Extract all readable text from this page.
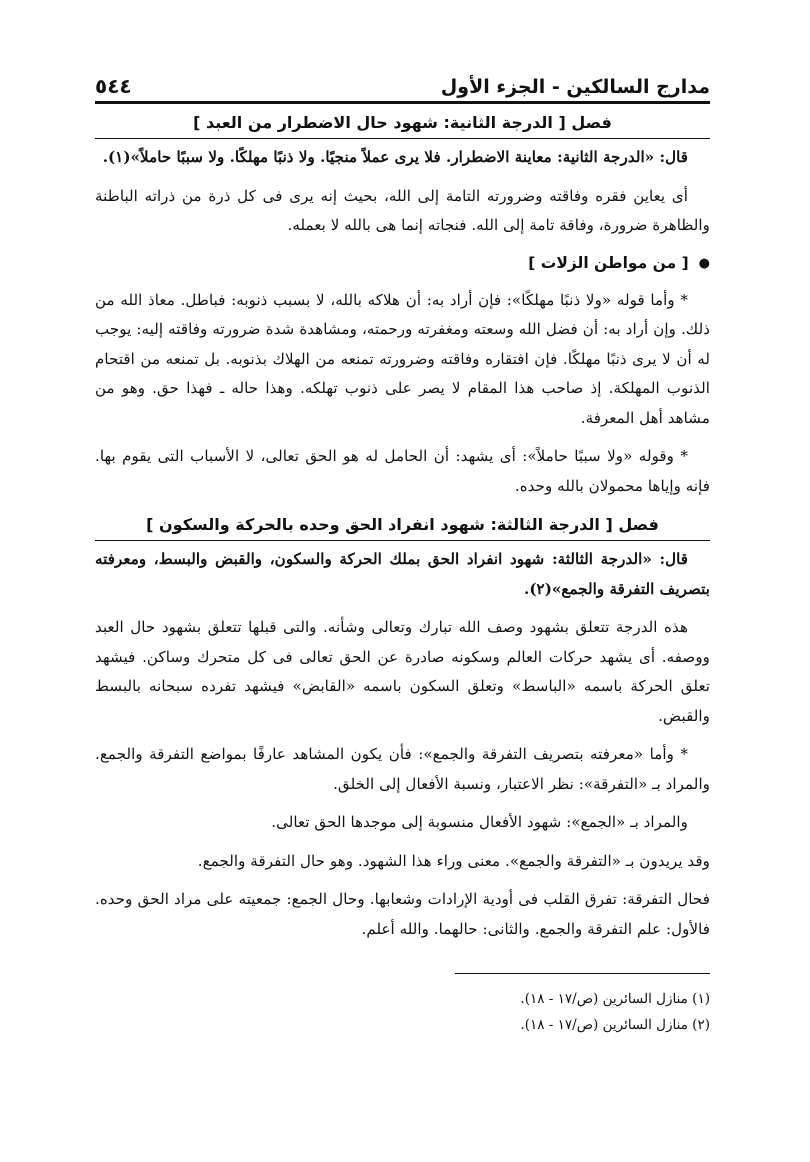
مدارج السالكين - الجزء الأول
٥٤٤
فصل [ الدرجة الثانية: شهود حال الاضطرار من العبد ]

قال: «الدرجة الثانية: معاينة الاضطرار. فلا يرى عملاً منجيًا. ولا ذنبًا مهلكًا. ولا سببًا حاملاً»(١).

أى يعاين فقره وفاقته وضرورته التامة إلى الله، بحيث إنه يرى فى كل ذرة من ذراته الباطنة والظاهرة ضرورة، وفاقة تامة إلى الله. فنجاته إنما هى بالله لا بعمله.

●
[ من مواطن الزلات ]

* وأما قوله «ولا ذنبًا مهلكًا»: فإن أراد به: أن هلاكه بالله، لا بسبب ذنوبه: فباطل. معاذ الله من ذلك. وإن أراد به: أن فضل الله وسعته ومغفرته ورحمته، ومشاهدة شدة ضرورته وفاقته إليه: يوجب له أن لا يرى ذنبًا مهلكًا. فإن افتقاره وفاقته وضرورته تمنعه من الهلاك بذنوبه. بل تمنعه من اقتحام الذنوب المهلكة. إذ صاحب هذا المقام لا يصر على ذنوب تهلكه. وهذا حاله ـ فهذا حق. وهو من مشاهد أهل المعرفة.

* وقوله «ولا سببًا حاملاً»: أى يشهد: أن الحامل له هو الحق تعالى، لا الأسباب التى يقوم بها. فإنه وإياها محمولان بالله وحده.

فصل [ الدرجة الثالثة: شهود انفراد الحق وحده بالحركة والسكون ]

قال: «الدرجة الثالثة: شهود انفراد الحق بملك الحركة والسكون، والقبض والبسط، ومعرفته بتصريف التفرقة والجمع»(٢).

هذه الدرجة تتعلق بشهود وصف الله تبارك وتعالى وشأنه. والتى قبلها تتعلق بشهود حال العبد ووصفه. أى يشهد حركات العالم وسكونه صادرة عن الحق تعالى فى كل متحرك وساكن. فيشهد تعلق الحركة باسمه «الباسط» وتعلق السكون باسمه «القابض» فيشهد تفرده سبحانه بالبسط والقبض.

* وأما «معرفته بتصريف التفرقة والجمع»: فأن يكون المشاهد عارفًا بمواضع التفرقة والجمع. والمراد بـ «التفرقة»: نظر الاعتبار، ونسبة الأفعال إلى الخلق.

والمراد بـ «الجمع»: شهود الأفعال منسوبة إلى موجدها الحق تعالى.

وقد يريدون بـ «التفرقة والجمع». معنى وراء هذا الشهود. وهو حال التفرقة والجمع.

فحال التفرقة: تفرق القلب فى أودية الإرادات وشعابها. وحال الجمع: جمعيته على مراد الحق وحده. فالأول: علم التفرقة والجمع. والثانى: حالهما. والله أعلم.

(١) منازل السائرين (ص/١٧ - ١٨).
(٢) منازل السائرين (ص/١٧ - ١٨).
